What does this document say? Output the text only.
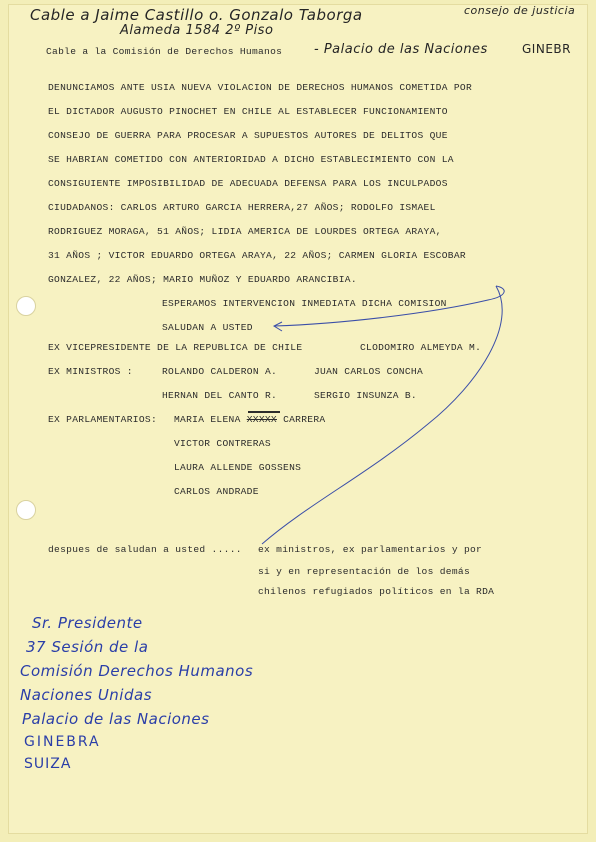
Cable a Jaime Castillo o. Gonzalo Taborga	consejo de justicia
Alameda 1584 2º Piso
Cable a la Comisión de Derechos Humanos - Palacio de las Naciones	GINEBR
DENUNCIAMOS ANTE USIA NUEVA VIOLACION DE DERECHOS HUMANOS COMETIDA POR
EL DICTADOR AUGUSTO PINOCHET EN CHILE AL ESTABLECER FUNCIONAMIENTO
CONSEJO DE GUERRA PARA PROCESAR A SUPUESTOS AUTORES DE DELITOS QUE
SE HABRIAN COMETIDO CON ANTERIORIDAD A DICHO ESTABLECIMIENTO CON LA
CONSIGUIENTE IMPOSIBILIDAD DE ADECUADA DEFENSA PARA LOS INCULPADOS
CIUDADANOS: CARLOS ARTURO GARCIA HERRERA,27 AÑOS; RODOLFO ISMAEL
RODRIGUEZ MORAGA, 51 AÑOS; LIDIA AMERICA DE LOURDES ORTEGA ARAYA,
31 AÑOS ; VICTOR EDUARDO ORTEGA ARAYA, 22 AÑOS; CARMEN GLORIA ESCOBAR
GONZALEZ, 22 AÑOS; MARIO MUÑOZ Y EDUARDO ARANCIBIA.
ESPERAMOS INTERVENCION INMEDIATA DICHA COMISION
SALUDAN A USTED
EX VICEPRESIDENTE DE LA REPUBLICA DE CHILE	CLODOMIRO ALMEYDA M.
EX MINISTROS :	ROLANDO CALDERON A.	JUAN CARLOS CONCHA
HERNAN DEL CANTO R.	SERGIO INSUNZA B.
EX PARLAMENTARIOS: MARIA ELENA XXXXX CARRERA
VICTOR CONTRERAS
LAURA ALLENDE GOSSENS
CARLOS ANDRADE
despues de saludan a usted ..... ex ministros, ex parlamentarios y por
si y en representación de los demás
chilenos refugiados políticos en la RDA
Sr. Presidente
37 Sesión de la
Comisión Derechos Humanos
Naciones Unidas
Palacio de las Naciones
GINEBRA
SUIZA
